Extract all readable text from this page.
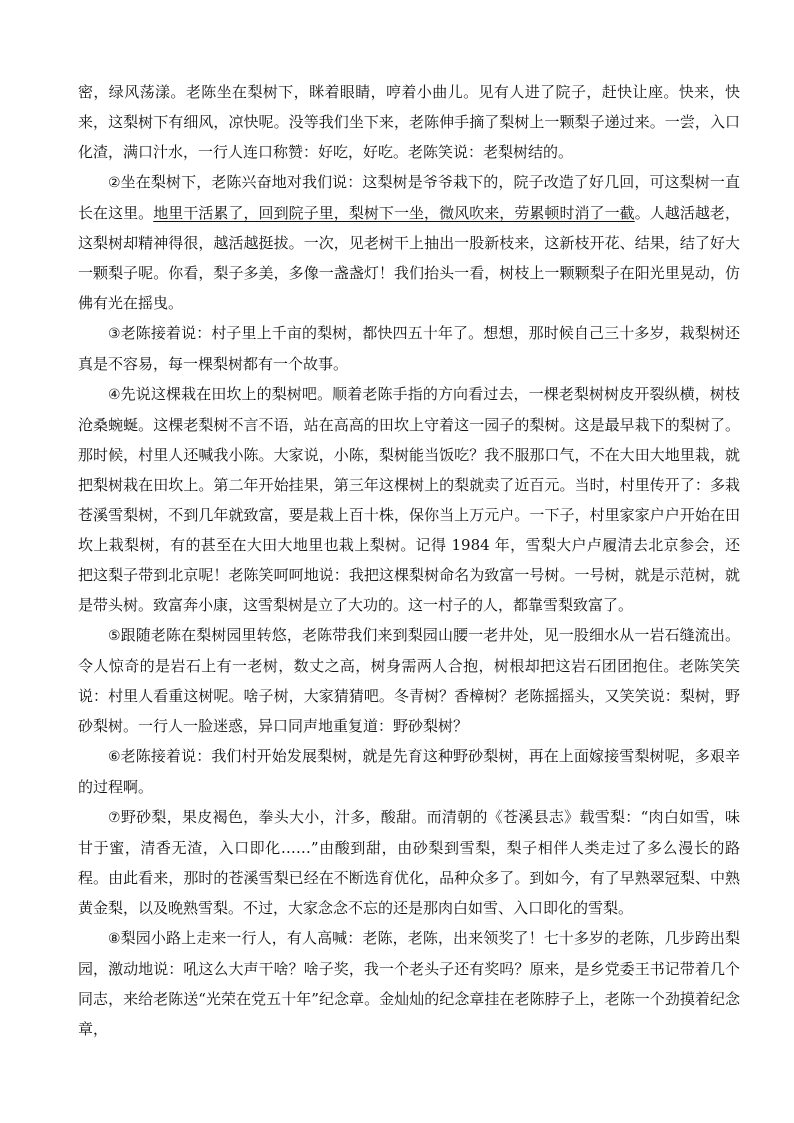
密，绿风荡漾。老陈坐在梨树下，眯着眼睛，哼着小曲儿。见有人进了院子，赶快让座。快来，快来，这梨树下有细风，凉快呢。没等我们坐下来，老陈伸手摘了梨树上一颗梨子递过来。一尝，入口化渣，满口汁水，一行人连口称赞：好吃，好吃。老陈笑说：老梨树结的。

②坐在梨树下，老陈兴奋地对我们说：这梨树是爷爷栽下的，院子改造了好几回，可这梨树一直长在这里。地里干活累了，回到院子里，梨树下一坐，微风吹来，劳累顿时消了一截。人越活越老，这梨树却精神得很，越活越挺拔。一次，见老树干上抽出一股新枝来，这新枝开花、结果，结了好大一颗梨子呢。你看，梨子多美，多像一盏盏灯！我们抬头一看，树枝上一颗颗梨子在阳光里晃动，仿佛有光在摇曳。

③老陈接着说：村子里上千亩的梨树，都快四五十年了。想想，那时候自己三十多岁，栽梨树还真是不容易，每一棵梨树都有一个故事。

④先说这棵栽在田坎上的梨树吧。顺着老陈手指的方向看过去，一棵老梨树树皮开裂纵横，树枝沧桑蜿蜒。这棵老梨树不言不语，站在高高的田坎上守着这一园子的梨树。这是最早栽下的梨树了。那时候，村里人还喊我小陈。大家说，小陈，梨树能当饭吃？我不服那口气，不在大田大地里栽，就把梨树栽在田坎上。第二年开始挂果，第三年这棵树上的梨就卖了近百元。当时，村里传开了：多栽苍溪雪梨树，不到几年就致富，要是栽上百十株，保你当上万元户。一下子，村里家家户户开始在田坎上栽梨树，有的甚至在大田大地里也栽上梨树。记得 1984 年，雪梨大户卢履清去北京参会，还把这梨子带到北京呢！老陈笑呵呵地说：我把这棵梨树命名为致富一号树。一号树，就是示范树，就是带头树。致富奔小康，这雪梨树是立了大功的。这一村子的人，都靠雪梨致富了。

⑤跟随老陈在梨树园里转悠，老陈带我们来到梨园山腰一老井处，见一股细水从一岩石缝流出。令人惊奇的是岩石上有一老树，数丈之高，树身需两人合抱，树根却把这岩石团团抱住。老陈笑笑说：村里人看重这树呢。啥子树，大家猜猜吧。冬青树？香樟树？老陈摇摇头，又笑笑说：梨树，野砂梨树。一行人一脸迷惑，异口同声地重复道：野砂梨树？

⑥老陈接着说：我们村开始发展梨树，就是先育这种野砂梨树，再在上面嫁接雪梨树呢，多艰辛的过程啊。

⑦野砂梨，果皮褐色，拳头大小，汁多，酸甜。而清朝的《苍溪县志》载雪梨：“肉白如雪，味甘于蜜，清香无渣，入口即化……”由酸到甜，由砂梨到雪梨，梨子相伴人类走过了多么漫长的路程。由此看来，那时的苍溪雪梨已经在不断选育优化，品种众多了。到如今，有了早熟翠冠梨、中熟黄金梨，以及晚熟雪梨。不过，大家念念不忘的还是那肉白如雪、入口即化的雪梨。

⑧梨园小路上走来一行人，有人高喊：老陈，老陈，出来领奖了！七十多岁的老陈，几步跨出梨园，激动地说：吼这么大声干啥？啥子奖，我一个老头子还有奖吗？原来，是乡党委王书记带着几个同志，来给老陈送“光荣在党五十年”纪念章。金灿灿的纪念章挂在老陈脖子上，老陈一个劲摸着纪念章，
